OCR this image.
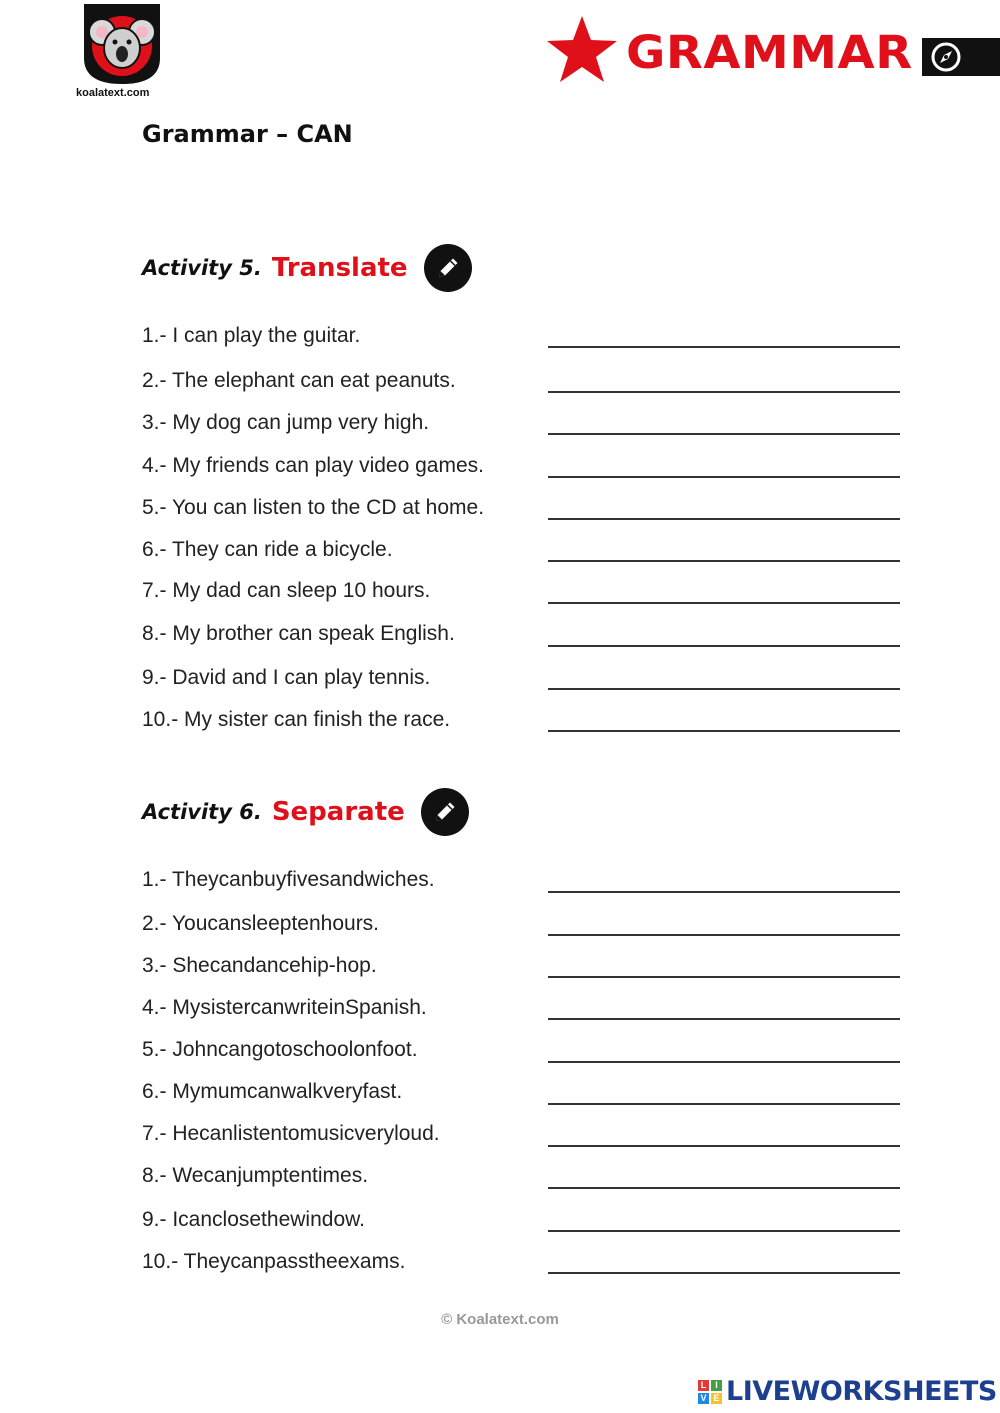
koalatext.com
GRAMMAR
Grammar – CAN
Activity 5. Translate
1.- I can play the guitar.
2.- The elephant can eat peanuts.
3.- My dog can jump very high.
4.- My friends can play video games.
5.- You can listen to the CD at home.
6.- They can ride a bicycle.
7.- My dad can sleep 10 hours.
8.- My brother can speak English.
9.- David and I can play tennis.
10.- My sister can finish the race.
Activity 6. Separate
1.- Theycanbuyfivesandwiches.
2.- Youcansleeptenhours.
3.- Shecandancehip-hop.
4.- MysistercanwriteinSpanish.
5.- Johncangotoschoolonfoot.
6.- Mymumcanwalkveryfast.
7.- Hecanlistentomusicveryloud.
8.- Wecanjumptentimes.
9.- Icanclosethewindow.
10.- Theycanpasstheexams.
© Koalatext.com
L I
V E LIVEWORKSHEETS
